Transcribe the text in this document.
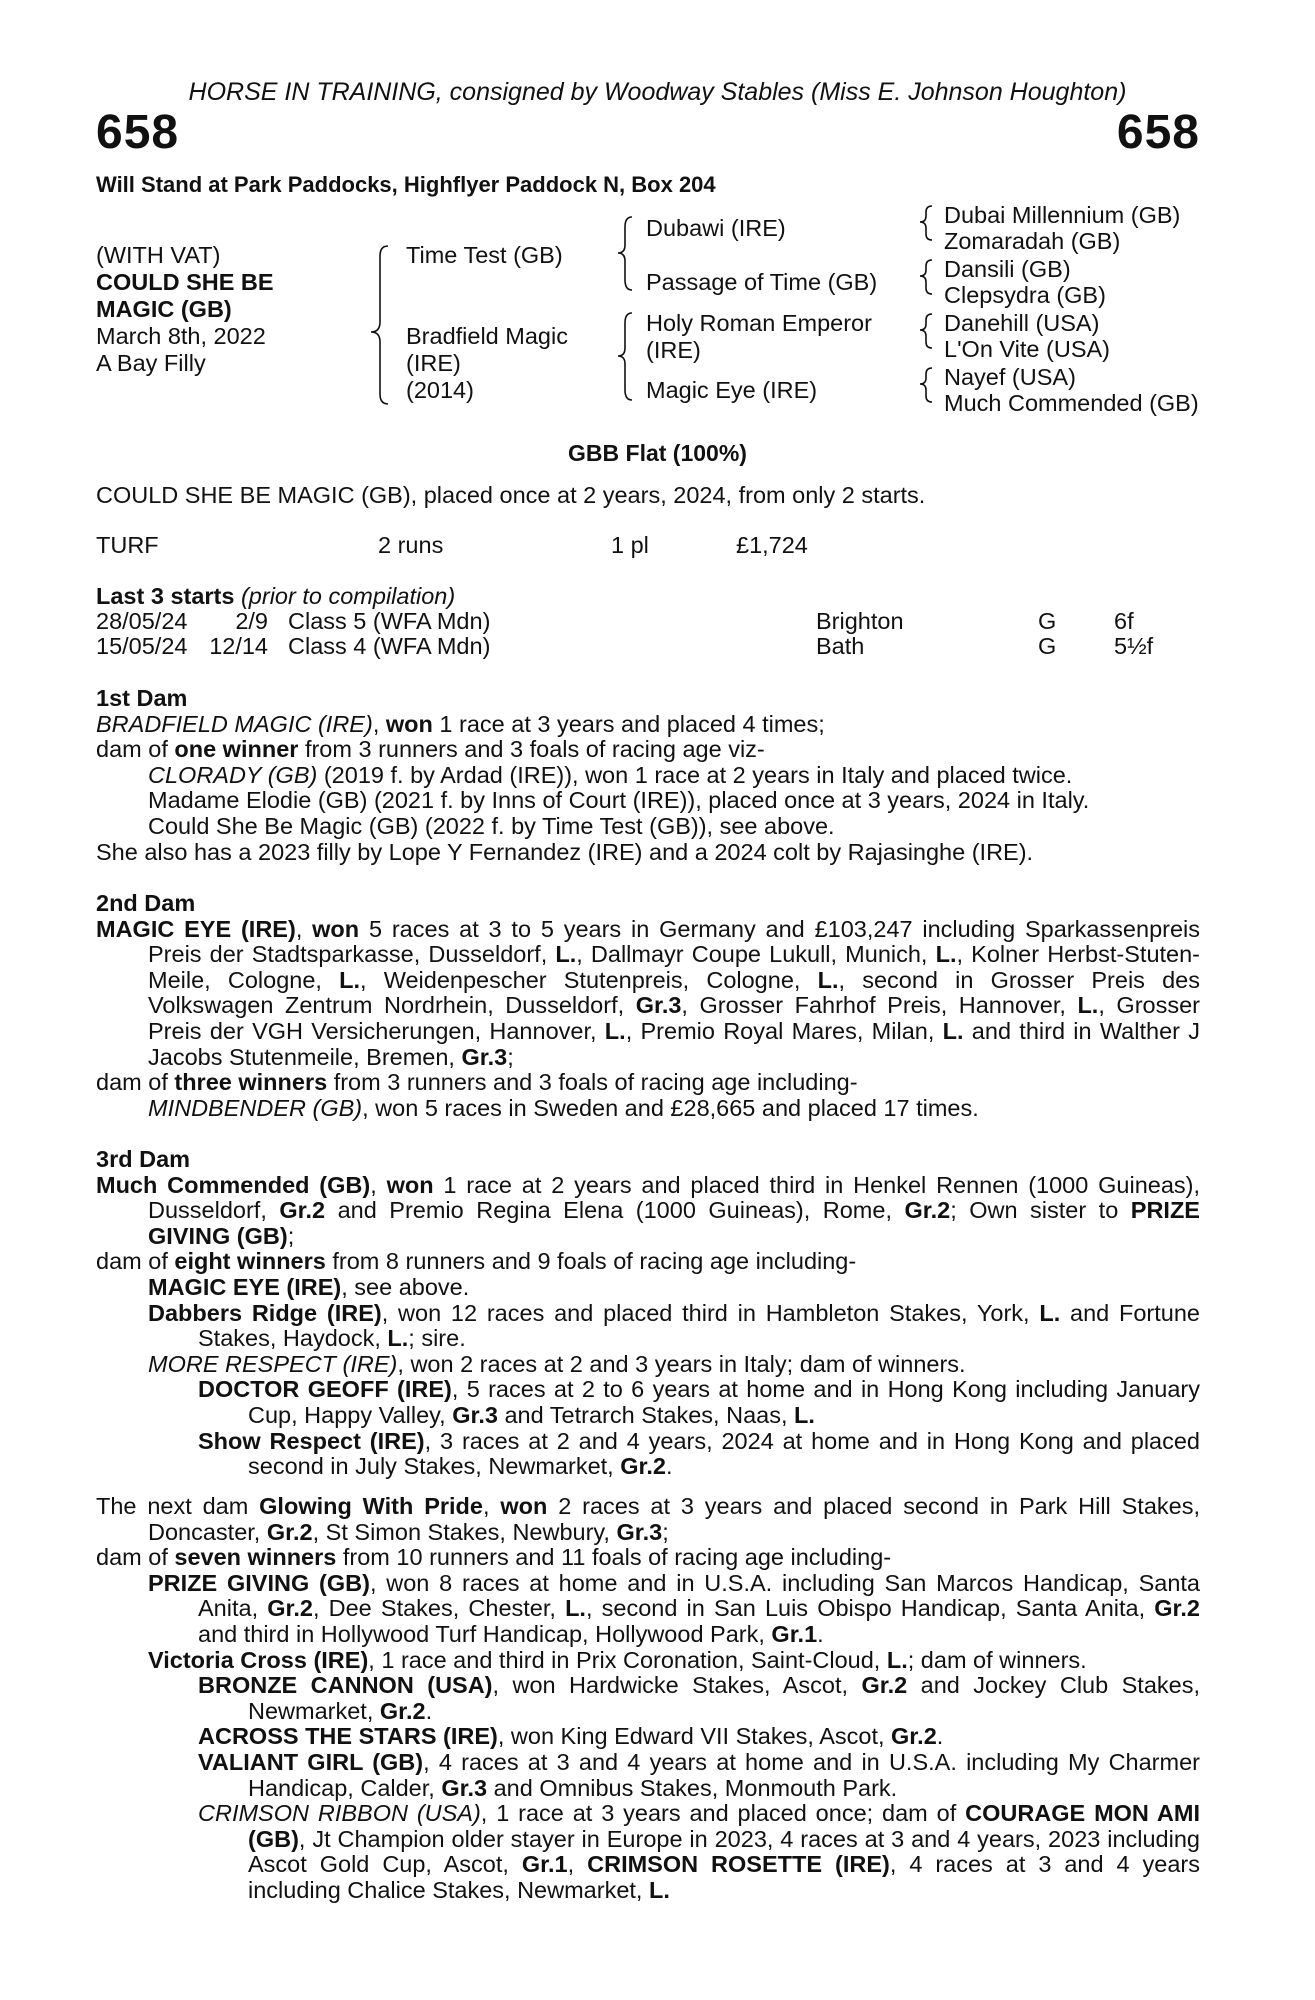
HORSE IN TRAINING, consigned by Woodway Stables (Miss E. Johnson Houghton)
658	658
Will Stand at Park Paddocks, Highflyer Paddock N, Box 204
(WITH VAT)
COULD SHE BE
MAGIC (GB)
March 8th, 2022
A Bay Filly
Time Test (GB)
Bradfield Magic
(IRE)
(2014)
Dubawi (IRE)
Passage of Time (GB)
Holy Roman Emperor
(IRE)
Magic Eye (IRE)
Dubai Millennium (GB)
Zomaradah (GB)
Dansili (GB)
Clepsydra (GB)
Danehill (USA)
L'On Vite (USA)
Nayef (USA)
Much Commended (GB)
GBB Flat (100%)
COULD SHE BE MAGIC (GB), placed once at 2 years, 2024, from only 2 starts.
TURF	2 runs	1 pl	£1,724
Last 3 starts (prior to compilation)
28/05/24	2/9 Class 5 (WFA Mdn)	Brighton	G 6f
15/05/24 12/14 Class 4 (WFA Mdn)	Bath	G 5½f

1st Dam

BRADFIELD MAGIC (IRE), won 1 race at 3 years and placed 4 times;

dam of one winner from 3 runners and 3 foals of racing age viz-

CLORADY (GB) (2019 f. by Ardad (IRE)), won 1 race at 2 years in Italy and placed twice.

Madame Elodie (GB) (2021 f. by Inns of Court (IRE)), placed once at 3 years, 2024 in Italy.

Could She Be Magic (GB) (2022 f. by Time Test (GB)), see above.

She also has a 2023 filly by Lope Y Fernandez (IRE) and a 2024 colt by Rajasinghe (IRE).

2nd Dam

MAGIC EYE (IRE), won 5 races at 3 to 5 years in Germany and £103,247 including Sparkassenpreis Preis der Stadtsparkasse, Dusseldorf, L., Dallmayr Coupe Lukull, Munich, L., Kolner Herbst-Stuten-Meile, Cologne, L., Weidenpescher Stutenpreis, Cologne, L., second in Grosser Preis des Volkswagen Zentrum Nordrhein, Dusseldorf, Gr.3, Grosser Fahrhof Preis, Hannover, L., Grosser Preis der VGH Versicherungen, Hannover, L., Premio Royal Mares, Milan, L. and third in Walther J Jacobs Stutenmeile, Bremen, Gr.3;

dam of three winners from 3 runners and 3 foals of racing age including-

MINDBENDER (GB), won 5 races in Sweden and £28,665 and placed 17 times.

3rd Dam

Much Commended (GB), won 1 race at 2 years and placed third in Henkel Rennen (1000 Guineas), Dusseldorf, Gr.2 and Premio Regina Elena (1000 Guineas), Rome, Gr.2; Own sister to PRIZE GIVING (GB);

dam of eight winners from 8 runners and 9 foals of racing age including-

MAGIC EYE (IRE), see above.

Dabbers Ridge (IRE), won 12 races and placed third in Hambleton Stakes, York, L. and Fortune Stakes, Haydock, L.; sire.

MORE RESPECT (IRE), won 2 races at 2 and 3 years in Italy; dam of winners.

DOCTOR GEOFF (IRE), 5 races at 2 to 6 years at home and in Hong Kong including January Cup, Happy Valley, Gr.3 and Tetrarch Stakes, Naas, L.

Show Respect (IRE), 3 races at 2 and 4 years, 2024 at home and in Hong Kong and placed second in July Stakes, Newmarket, Gr.2.

The next dam Glowing With Pride, won 2 races at 3 years and placed second in Park Hill Stakes, Doncaster, Gr.2, St Simon Stakes, Newbury, Gr.3;

dam of seven winners from 10 runners and 11 foals of racing age including-

PRIZE GIVING (GB), won 8 races at home and in U.S.A. including San Marcos Handicap, Santa Anita, Gr.2, Dee Stakes, Chester, L., second in San Luis Obispo Handicap, Santa Anita, Gr.2 and third in Hollywood Turf Handicap, Hollywood Park, Gr.1.

Victoria Cross (IRE), 1 race and third in Prix Coronation, Saint-Cloud, L.; dam of winners.

BRONZE CANNON (USA), won Hardwicke Stakes, Ascot, Gr.2 and Jockey Club Stakes, Newmarket, Gr.2.

ACROSS THE STARS (IRE), won King Edward VII Stakes, Ascot, Gr.2.

VALIANT GIRL (GB), 4 races at 3 and 4 years at home and in U.S.A. including My Charmer Handicap, Calder, Gr.3 and Omnibus Stakes, Monmouth Park.

CRIMSON RIBBON (USA), 1 race at 3 years and placed once; dam of COURAGE MON AMI (GB), Jt Champion older stayer in Europe in 2023, 4 races at 3 and 4 years, 2023 including Ascot Gold Cup, Ascot, Gr.1, CRIMSON ROSETTE (IRE), 4 races at 3 and 4 years including Chalice Stakes, Newmarket, L.
